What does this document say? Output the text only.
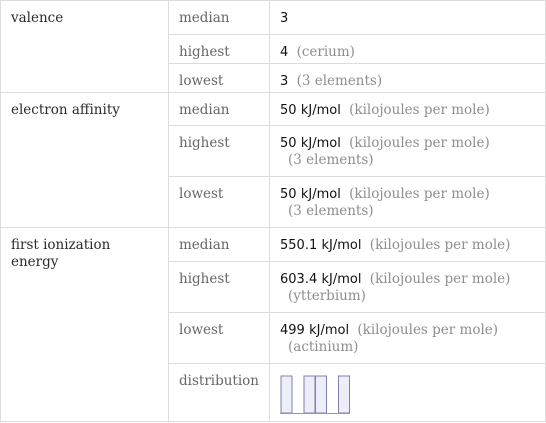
valence	median	3
	highest	4 (cerium)
	lowest	3 (3 elements)
electron affinity	median	50 kJ/mol (kilojoules per mole)
	highest	50 kJ/mol (kilojoules per mole)
(3 elements)

	lowest	50 kJ/mol (kilojoules per mole)
(3 elements)

first ionization energy	median	550.1 kJ/mol (kilojoules per mole)
	highest	603.4 kJ/mol (kilojoules per mole)
(ytterbium)

	lowest	499 kJ/mol (kilojoules per mole)
(actinium)

	distribution	
